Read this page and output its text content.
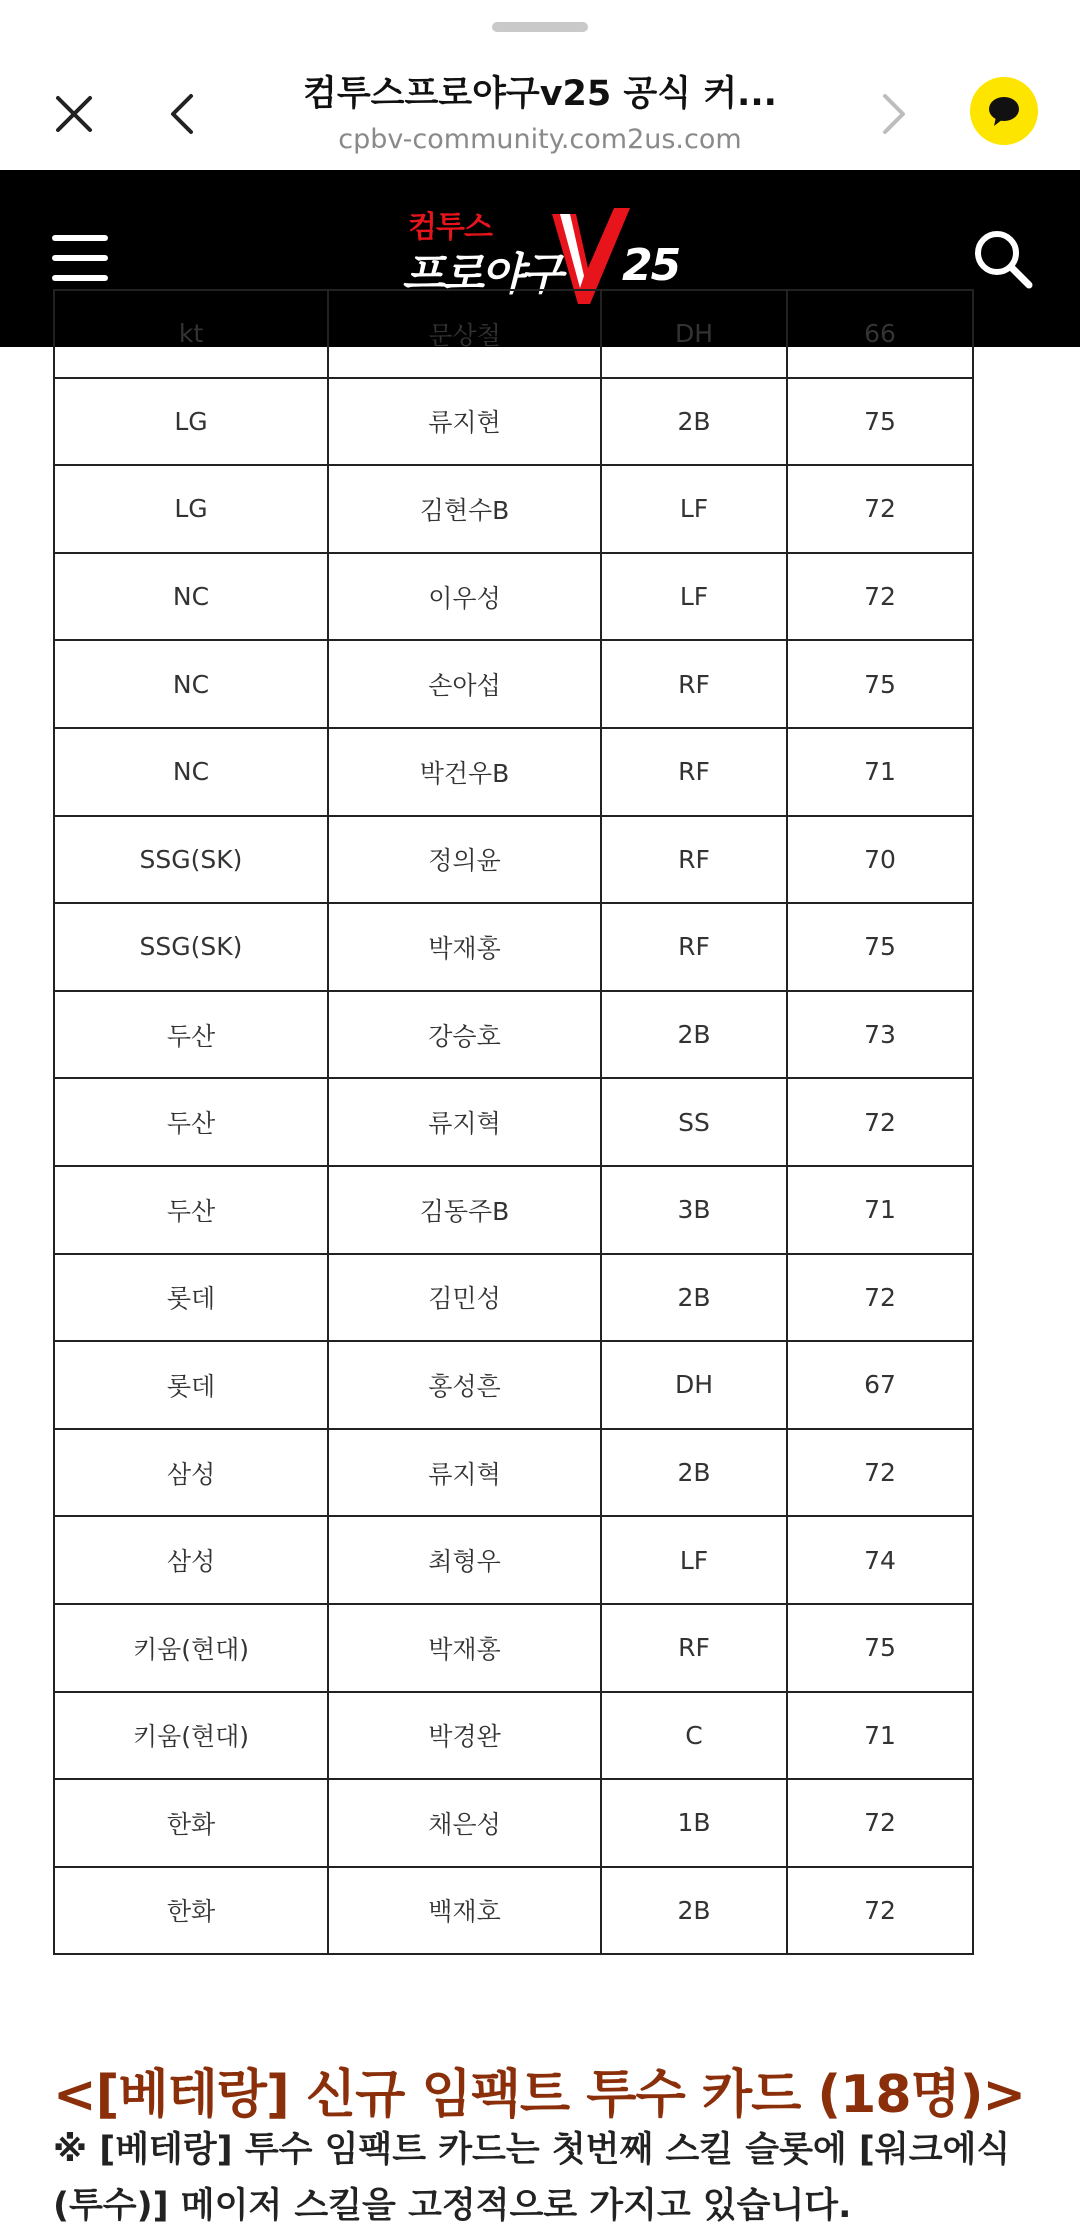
컴투스프로야구v25 공식 커...
cpbv-community.com2us.com
컴투스
프로야구 25
kt	문상철	DH	66
LG	류지현	2B	75
LG	김현수B	LF	72
NC	이우성	LF	72
NC	손아섭	RF	75
NC	박건우B	RF	71
SSG(SK)	정의윤	RF	70
SSG(SK)	박재홍	RF	75
두산	강승호	2B	73
두산	류지혁	SS	72
두산	김동주B	3B	71
롯데	김민성	2B	72
롯데	홍성흔	DH	67
삼성	류지혁	2B	72
삼성	최형우	LF	74
키움(현대)	박재홍	RF	75
키움(현대)	박경완	C	71
한화	채은성	1B	72
한화	백재호	2B	72
<[베테랑] 신규 임팩트 투수 카드 (18명)>
※ [베테랑] 투수 임팩트 카드는 첫번째 스킬 슬롯에 [워크에식(투수)] 메이저 스킬을 고정적으로 가지고 있습니다.
